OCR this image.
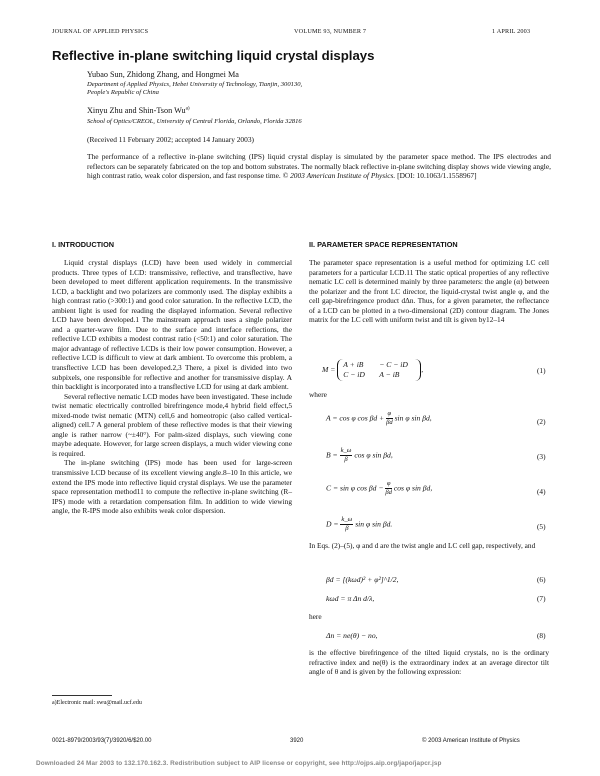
JOURNAL OF APPLIED PHYSICS	VOLUME 93, NUMBER 7	1 APRIL 2003
Reflective in-plane switching liquid crystal displays
Yubao Sun, Zhidong Zhang, and Hongmei Ma
Department of Applied Physics, Hebei University of Technology, Tianjin, 300130,
People's Republic of China
Xinyu Zhu and Shin-Tson Wu$^{a)}$
School of Optics/CREOL, University of Central Florida, Orlando, Florida 32816
(Received 11 February 2002; accepted 14 January 2003)
The performance of a reflective in-plane switching (IPS) liquid crystal display is simulated by the parameter space method. The IPS electrodes and reflectors can be separately fabricated on the top and bottom substrates. The normally black reflective in-plane switching display shows wide viewing angle, high contrast ratio, weak color dispersion, and fast response time. © 2003 American Institute of Physics. [DOI: 10.1063/1.1558967]
I. INTRODUCTION

Liquid crystal displays (LCD) have been used widely in commercial products. Three types of LCD: transmissive, reflective, and transflective, have been developed to meet different application requirements. In the transmissive LCD, a backlight and two polarizers are commonly used. The display exhibits a high contrast ratio (>300:1) and good color saturation. In the reflective LCD, the ambient light is used for reading the displayed information. Several reflective LCD have been developed.1 The mainstream approach uses a single polarizer and a quarter-wave film. Due to the surface and interface reflections, the reflective LCD exhibits a modest contrast ratio (<50:1) and color saturation. The major advantage of reflective LCDs is their low power consumption. However, a reflective LCD is difficult to view at dark ambient. To overcome this problem, a transflective LCD has been developed.2,3 There, a pixel is divided into two subpixels, one responsible for reflective and another for transmissive display. A thin backlight is incorporated into a transflective LCD for using at dark ambient.

Several reflective nematic LCD modes have been investigated. These include twist nematic electrically controlled birefringence mode,4 hybrid field effect,5 mixed-mode twist nematic (MTN) cell,6 and homeotropic (also called vertical-aligned) cell.7 A general problem of these reflective modes is that their viewing angle is rather narrow (~±40°). For palm-sized displays, such viewing cone maybe adequate. However, for large screen displays, a much wider viewing cone is required.

The in-plane switching (IPS) mode has been used for large-screen transmissive LCD because of its excellent viewing angle.8–10 In this article, we extend the IPS mode into reflective liquid crystal displays. We use the parameter space representation method11 to compute the reflective in-plane switching (R–IPS) mode with a retardation compensation film. In addition to wide viewing angle, the R-IPS mode also exhibits weak color dispersion.

a)Electronic mail: swu@mail.ucf.edu
II. PARAMETER SPACE REPRESENTATION
The parameter space representation is a useful method for optimizing LC cell parameters for a particular LCD.11 The static optical properties of any reflective nematic LC cell is determined mainly by three parameters: the angle (α) between the polarizer and the front LC director, the liquid-crystal twist angle φ, and the cell gap-birefringence product dΔn. Thus, for a given parameter, the reflectance of a LCD can be plotted in a two-dimensional (2D) contour diagram. The Jones matrix for the LC cell with uniform twist and tilt is given by12–14
M = A + iB − C − iD
C − iD A − iB,	(1)
where
A = cos φ $\cos \beta d + \frac{\varphi}{\beta d}$ sin φ sin βd,	(2)
$B = \frac{k\_\omega}{\beta}$ cos φ sin βd,	(3)
C = sin φ $\cos \beta d - \frac{\varphi}{\beta d}$ cos φ sin βd,	(4)
$D = \frac{k\_\omega}{\beta}$ sin φ sin βd.	(5)
In Eqs. (2)–(5), φ and d are the twist angle and LC cell gap, respectively, and
βd = [(kωd)² + φ²]^1/2,	(6)
kωd = π Δn d/λ,	(7)
here
Δn = ne(θ) − no,	(8)
is the effective birefringence of the tilted liquid crystals, no is the ordinary refractive index and ne(θ) is the extraordinary index at an average director tilt angle of θ and is given by the following expression:
0021-8979/2003/93(7)/3920/6/$20.00	3920	© 2003 American Institute of Physics
Downloaded 24 Mar 2003 to 132.170.162.3. Redistribution subject to AIP license or copyright, see http://ojps.aip.org/japo/japcr.jsp
